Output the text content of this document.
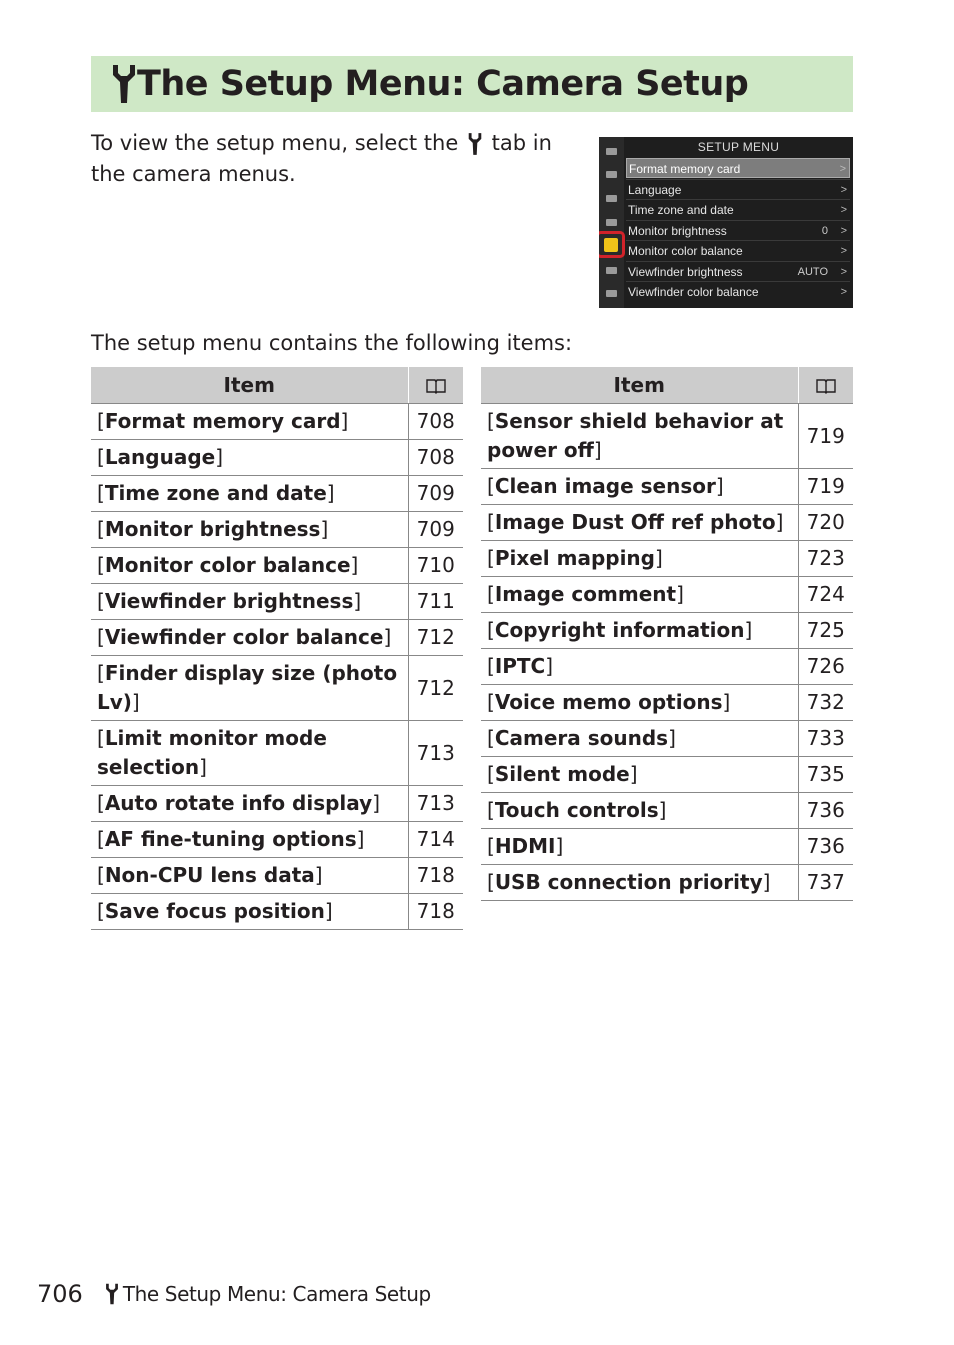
The Setup Menu: Camera Setup
To view the setup menu, select the tab in the camera menus.
SETUP MENU
Format memory card	>
Language	>
Time zone and date	>
Monitor brightness	0 >
Monitor color balance	>
Viewfinder brightness	AUTO >
Viewfinder color balance	>
The setup menu contains the following items:
Item	
[Format memory card]	708
[Language]	708
[Time zone and date]	709
[Monitor brightness]	709
[Monitor color balance]	710
[Viewfinder brightness]	711
[Viewfinder color balance]	712
[Finder display size (photo Lv)]	712
[Limit monitor mode selection]	713
[Auto rotate info display]	713
[AF fine-tuning options]	714
[Non-CPU lens data]	718
[Save focus position]	718
Item	
[Sensor shield behavior at power off]	719
[Clean image sensor]	719
[Image Dust Off ref photo]	720
[Pixel mapping]	723
[Image comment]	724
[Copyright information]	725
[IPTC]	726
[Voice memo options]	732
[Camera sounds]	733
[Silent mode]	735
[Touch controls]	736
[HDMI]	736
[USB connection priority]	737
706 The Setup Menu: Camera Setup
